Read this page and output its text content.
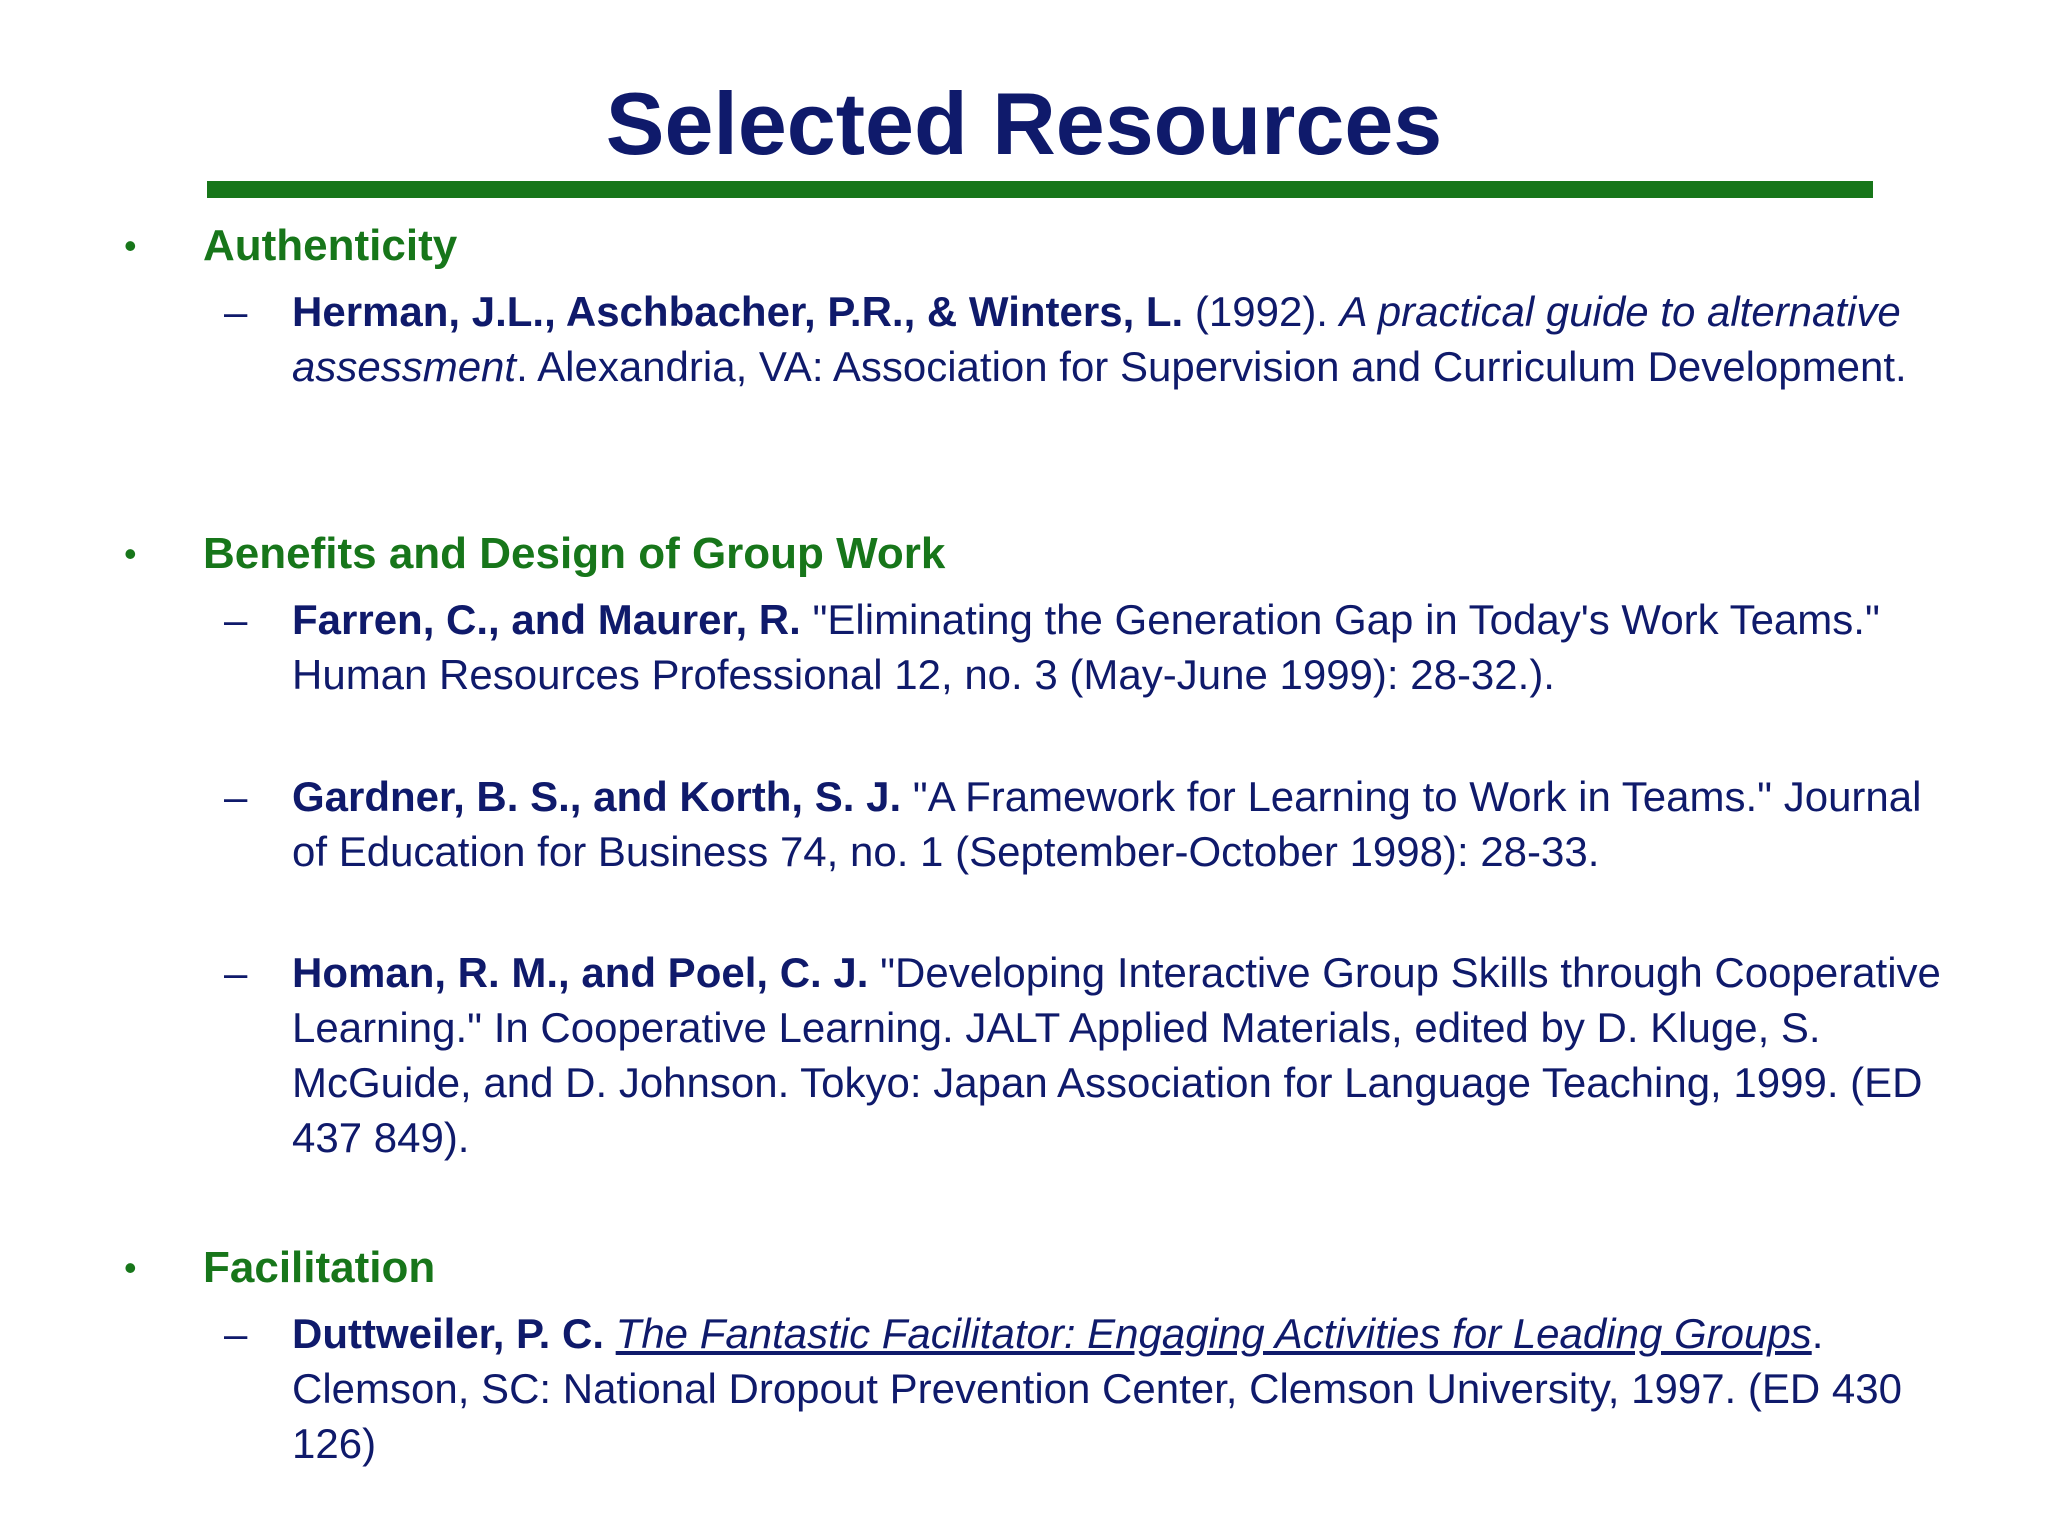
Selected Resources
• Authenticity
– Herman, J.L., Aschbacher, P.R., & Winters, L. (1992). A practical guide to alternative assessment. Alexandria, VA: Association for Supervision and Curriculum Development.
• Benefits and Design of Group Work
– Farren, C., and Maurer, R. "Eliminating the Generation Gap in Today's Work Teams." Human Resources Professional 12, no. 3 (May-June 1999): 28-32.).
– Gardner, B. S., and Korth, S. J. "A Framework for Learning to Work in Teams." Journal of Education for Business 74, no. 1 (September-October 1998): 28-33.
– Homan, R. M., and Poel, C. J. "Developing Interactive Group Skills through Cooperative Learning." In Cooperative Learning. JALT Applied Materials, edited by D. Kluge, S. McGuide, and D. Johnson. Tokyo: Japan Association for Language Teaching, 1999. (ED 437 849).
• Facilitation
– Duttweiler, P. C. The Fantastic Facilitator: Engaging Activities for Leading Groups. Clemson, SC: National Dropout Prevention Center, Clemson University, 1997. (ED 430 126)
